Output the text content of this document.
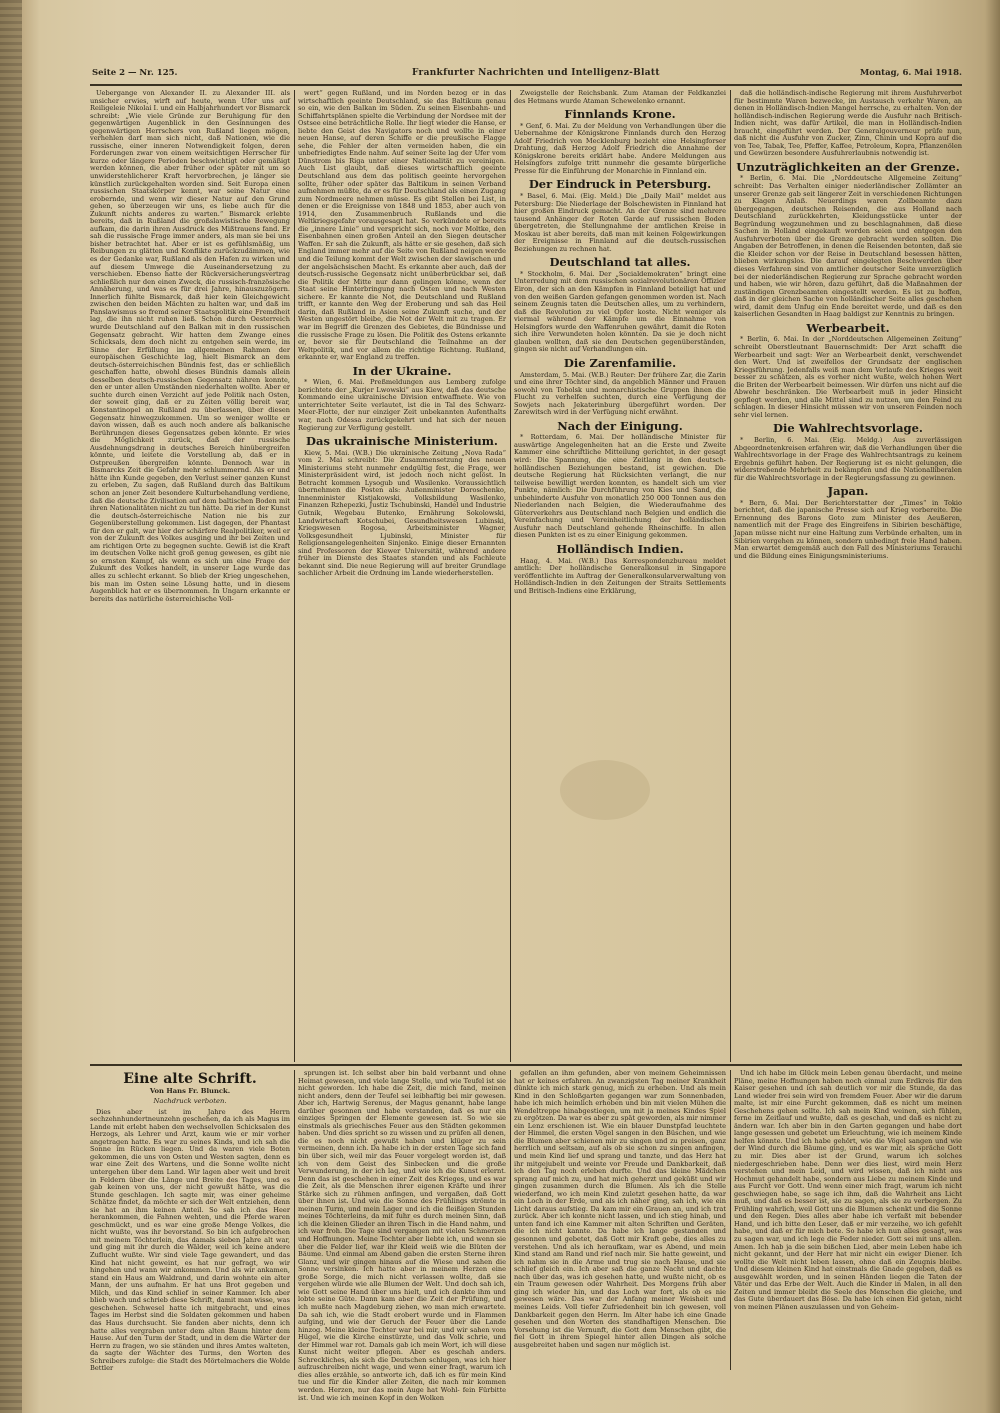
Seite 2 — Nr. 125.	Frankfurter Nachrichten und Intelligenz-Blatt	Montag, 6. Mai 1918.

Uebergange von Alexander II. zu Alexander III. als unsicher erwies, wirft auf heute, wenn Ufer uns auf Reiligeleie Nikolai I. und ein Halbjahrhundert vor Bismarck schreibt: „Wie viele Gründe zur Beruhigung für den gegenwärtigen Augenblick in den Gesinnungen des gegenwärtigen Herrschers von Rußland liegen mögen, verhehlen darf man sich nicht, daß Nationen, wie die russische, einer inneren Notwendigkeit folgen, deren Forderungen zwar von einem weitsichtigen Herrscher für kurze oder längere Perioden beschwichtigt oder gemäßigt werden können, die aber früher oder später mit um so unwiderstehlicherer Kraft hervorbrechen, je länger sie künstlich zurückgehalten worden sind. Seit Europa einen russischen Staatskörper kennt, war seine Natur eine erobernde, und wenn wir dieser Natur auf den Grund gehen, so überzeugen wir uns, es liebe auch für die Zukunft nichts anderes zu warten.“ Bismarck erlebte bereits, daß in Rußland die großslawistische Bewegung aufkam, die darin ihren Ausdruck des Mißtrauens fand. Er sah die russische Frage immer anders, als man sie bei uns bisher betrachtet hat. Aber er ist es gefühlsmäßig, um Reibungen zu glätten und Konflikte zurückzudämmen, wie es der Gedanke war, Rußland als den Hafen zu wirken und auf diesem Umwege die Auseinandersetzung zu verschieben. Ebenso hatte der Rückversicherungsvertrag schließlich nur den einen Zweck, die russisch-französische Annäherung, und was es für drei Jahre, hinauszuzögern. Innerlich fühlte Bismarck, daß hier kein Gleichgewicht zwischen den beiden Mächten zu halten war, und daß im Panslawismus so fremd seiner Staatspolitik eine Fremdheit lag, die ihn nicht ruhen ließ. Schon durch Oesterreich wurde Deutschland auf den Balkan mit in den russischen Gegensatz gebracht. Wir hatten dem Zwange eines Schicksals, dem doch nicht zu entgehen sein werde, im Sinne der Erfüllung im allgemeinen Rahmen der europäischen Geschichte lag, hielt Bismarck an dem deutsch-österreichischen Bündnis fest, das er schließlich geschaffen hatte, obwohl dieses Bündnis damals allein desselben deutsch-russischen Gegensatz nähren konnte, den er unter allen Umständen niederhalten wollte. Aber er suchte durch einen Verzicht auf jede Politik nach Osten, der soweit ging, daß er zu Zeiten völlig bereit war, Konstantinopel an Rußland zu überlassen, über diesen Gegensatz hinwegzukommen. Um so weniger wollte er davon wissen, daß es auch noch andere als balkanische Berührungen dieses Gegensatzes geben könnte. Er wies die Möglichkeit zurück, daß der russische Ausdehnungsdrang in deutsches Bereich hinübergreifen könnte, und leitete die Vorstellung ab, daß er in Ostpreußen übergreifen könnte. Dennoch war in Bismarcks Zeit die Gefahr mehr schlummernd. Als er und hätte ihn Kunde gegeben, den Verlust seiner ganzen Kunst zu erleben, Zu sagen, daß Rußland durch das Baltikum schon an jener Zeit besondere Kulturbehandlung verdiene, daß die deutsche Zivilisation auf dem baltischen Boden mit ihren Nationalitäten nicht zu tun hätte. Da rief in der Kunst die deutsch-österreichische Nation nie bis zur Gegenüberstellung gekommen. List dagegen, der Phantast für den er galt, war hier der schärfere Realpolitiker, weil er von der Zukunft des Volkes ausging und ihr bei Zeiten und am richtigen Orte zu begegnen suchte. Gewiß ist die Kraft im deutschen Volke nicht groß genug gewesen, es gibt nie so ernsten Kampf, als wenn es sich um eine Frage der Zukunft des Volkes handelt, in unserer Lage wurde das alles zu schlecht erkannt. So blieb der Krieg ungeschehen, bis man im Osten seine Lösung hatte, und in diesem Augenblick hat er es übernommen. In Ungarn erkannte er bereits das natürliche österreichische Voll-

wert“ gegen Rußland, und im Norden bezog er in das wirtschaftlich geeinte Deutschland, sie das Baltikum genau so ein, wie den Balkan im Süden. Zu seinen Eisenbahn- und Schiffahrtsplänen spielte die Verbindung der Nordsee mit der Ostsee eine beträchtliche Rolle. Ihr liegt wieder die Hanse, er liebte den Geist des Navigators noch und wollte in einer neuen Hanse, auf deren Schiffe er die preußische Flagge sehe, die Fehler der alten vermeiden haben, die ein unbefriedigtes Ende nahm. Auf seiner Seite lag der Ufer vom Dünstrom bis Riga unter einer Nationalität zu vereinigen. Auch List glaubt, daß dieses wirtschaftlich geeinte Deutschland aus dem das politisch geeinte hervorgehen sollte, früher oder später das Baltikum in seinen Verband aufnehmen müßte, da er es für Deutschland als einen Zugang zum Nordmeere nehmen müsse. Es gibt Stellen bei List, in denen er die Ereignisse von 1848 und 1853, aber auch von 1914, den Zusammenbruch Rußlands und die Weltkriegsgefahr vorausgesagt hat. So verkündete er bereits die „innere Linie“ und verspricht sich, noch vor Moltke, den Eisenbahnen einen großen Anteil an den Siegen deutscher Waffen. Er sah die Zukunft, als hätte er sie gesehen, daß sich England immer mehr auf die Seite von Rußland neigen werde und die Teilung kommt der Welt zwischen der slawischen und der angelsächsischen Macht. Es erkannte aber auch, daß der deutsch-russische Gegensatz nicht unüberbrückbar sei, daß die Politik der Mitte nur dann gelingen könne, wenn der Staat seine Hinterbringung nach Osten und nach Westen sichere. Er kannte die Not, die Deutschland und Rußland trifft, er kannte den Weg der Eroberung und sah das Heil darin, daß Rußland in Asien seine Zukunft suche, und der Westen ungestört bleibe, die Not der Welt mit zu tragen. Er war im Begriff die Grenzen des Gebietes, die Bündnisse und die russische Frage zu lösen. Die Politik des Ostens erkannte er, bevor sie für Deutschland die Teilnahme an der Weltpolitik, und vor allem die richtige Richtung. Rußland, erkannte er, war England zu treffen.

In der Ukraine.

* Wien, 6. Mai. Preßmeldungen aus Lemberg zufolge berichtete der „Kurjer Lwowski“ aus Kiew, daß das deutsche Kommando eine ukrainische Division entwaffnete. Wie von unterrichteter Seite verlautet, ist die in Tal des Schwarz-Meer-Flotte, der nur einziger Zeit unbekannten Aufenthalts war, nach Odessa zurückgekehrt und hat sich der neuen Regierung zur Verfügung gestellt.

Das ukrainische Ministerium.

Kiew, 5. Mai. (W.B.) Die ukrainische Zeitung „Nova Rada“ vom 2. Mai schreibt: Die Zusammensetzung des neuen Ministeriums steht nunmehr endgültig fest, die Frage, wer Ministerpräsident wird, ist jedoch noch nicht gelöst. In Betracht kommen Lysogub und Wasilenko. Voraussichtlich übernehmen die Posten als: Außenminister Doroschenko, Innenminister Kistjakowski, Volksbildung Wasilenko, Finanzen Rzhepezki, Justiz Tschubinski, Handel und Industrie Gutnik, Wegebau Butenko, Ernährung Sokolowski, Landwirtschaft Kotschubei, Gesundheitswesen Lubinski, Kriegswesen Rogosa, Arbeitsminister Wagner, Volksgesundheit Ljubinski, Minister für Religionsangelegenheiten Sinjenko. Einige dieser Ernannten sind Professoren der Kiewer Universität, während andere früher im Dienste des Staates standen und als Fachleute bekannt sind. Die neue Regierung will auf breiter Grundlage sachlicher Arbeit die Ordnung im Lande wiederherstellen.

Zweigstelle der Reichsbank. Zum Ataman der Feldkanzlei des Hetmans wurde Ataman Schewelenko ernannt.

Finnlands Krone.

* Genf, 6. Mai. Zu der Meldung von Verhandlungen über die Uebernahme der Königskrone Finnlands durch den Herzog Adolf Friedrich von Mecklenburg bezieht eine Helsingforser Drahtung, daß Herzog Adolf Friedrich die Annahme der Königskrone bereits erklärt habe. Andere Meldungen aus Helsingfors zufolge tritt nunmehr die gesamte bürgerliche Presse für die Einführung der Monarchie in Finnland ein.

Der Eindruck in Petersburg.

* Basel, 6. Mai. (Eig. Meld.) Die „Daily Mail“ meldet aus Petersburg: Die Niederlage der Bolschewisten in Finnland hat hier großen Eindruck gemacht. An der Grenze sind mehrere tausend Anhänger der Roten Garde auf russischen Boden übergetreten, die Stellungnahme der amtlichen Kreise in Moskau ist aber bereits, daß man mit keinen Folgewirkungen der Ereignisse in Finnland auf die deutsch-russischen Beziehungen zu rechnen hat.

Deutschland tat alles.

* Stockholm, 6. Mai. Der „Socialdemokraten“ bringt eine Unterredung mit dem russischen sozialrevolutionären Offizier Eiron, der sich an den Kämpfen in Finnland beteiligt hat und von den weißen Garden gefangen genommen worden ist. Nach seinem Zeugnis taten die Deutschen alles, um zu verhindern, daß die Revolution zu viel Opfer koste. Nicht weniger als viermal während der Kämpfe um die Einnahme von Helsingfors wurde den Waffenruhen gewährt, damit die Roten sich ihre Verwundeten holen könnten. Da sie je doch nicht glauben wollten, daß sie den Deutschen gegenüberständen, gingen sie nicht auf Verhandlungen ein.

Die Zarenfamilie.

Amsterdam, 5. Mai. (W.B.) Reuter: Der frühere Zar, die Zarin und eine ihrer Töchter sind, da angeblich Männer und Frauen sowohl von Tobolsk und monarchistische Gruppen ihnen die Flucht zu verhelfen suchten, durch eine Verfügung der Sowjets nach Jekaterinburg übergeführt worden. Der Zarewitsch wird in der Verfügung nicht erwähnt.

Nach der Einigung.

* Rotterdam, 6. Mai. Der holländische Minister für auswärtige Angelegenheiten hat an die Erste und Zweite Kammer eine schriftliche Mitteilung gerichtet, in der gesagt wird: Die Spannung, die eine Zeitlang in den deutsch-holländischen Beziehungen bestand, ist gewichen. Die deutsche Regierung hat Rücksichten verlangt, die nur teilweise bewilligt werden konnten, es handelt sich um vier Punkte, nämlich: Die Durchführung von Kies und Sand, die unbehinderte Ausfuhr von monatlich 250 000 Tonnen aus den Niederlanden nach Belgien, die Wiederaufnahme des Güterverkehrs aus Deutschland nach Belgien und endlich die Vereinfachung und Vereinheitlichung der holländischen Ausfuhr nach Deutschland gehende Rheinschiffe. In allen diesen Punkten ist es zu einer Einigung gekommen.

Holländisch Indien.

Haag, 4. Mai. (W.B.) Das Korrespondenzbureau meldet amtlich: Der holländische Generalkonsul in Singapore veröffentlichte im Auftrag der Generalkonsularverwaltung von Holländisch-Indien in den Zeitungen der Straits Settlements und Britisch-Indiens eine Erklärung,

daß die holländisch-indische Regierung mit ihrem Ausfuhrverbot für bestimmte Waren bezwecke, im Austausch verkehr Waren, an denen in Holländisch-Indien Mangel herrsche, zu erhalten. Von der holländisch-indischen Regierung werde die Ausfuhr nach Britisch-Indien nicht, was dafür Artikel, die man in Holländisch-Indien braucht, eingeführt werden. Der Generalgouverneur prüfe nun, daß nicht die Ausfuhr von Zucker, Zinn, Chinin und Kopra auf die von Tee, Tabak, Tee, Pfeffer, Kaffee, Petroleum, Kopra, Pflanzenölen und Gewürzen besondere Ausfuhrerlaubnis notwendig ist.

Unzuträglichkeiten an der Grenze.

* Berlin, 6. Mai. Die „Norddeutsche Allgemeine Zeitung“ schreibt: Das Verhalten einiger niederländischer Zollämter an unserer Grenze gab seit längerer Zeit in verschiedenen Richtungen zu Klagen Anlaß. Neuerdings waren Zollbeamte dazu übergegangen, deutschen Reisenden, die aus Holland nach Deutschland zurückkehrten, Kleidungsstücke unter der Begründung wegzunehmen und zu beschlagnahmen, daß diese Sachen in Holland eingekauft worden seien und entgegen den Ausfuhrverboten über die Grenze gebracht werden sollten. Die Angaben der Betroffenen, in denen die Reisenden betonten, daß sie die Kleider schon vor der Reise in Deutschland besessen hätten, blieben wirkungslos. Die darauf eingelegten Beschwerden über dieses Verfahren sind von amtlicher deutscher Seite unverzüglich bei der niederländischen Regierung zur Sprache gebracht worden und haben, wie wir hören, dazu geführt, daß die Maßnahmen der zuständigen Grenzbeamten eingestellt werden. Es ist zu hoffen, daß in der gleichen Sache von holländischer Seite alles geschehen wird, damit dem Unfug ein Ende bereitet werde, und daß es den kaiserlichen Gesandten in Haag baldigst zur Kenntnis zu bringen.

Werbearbeit.

* Berlin, 6. Mai. In der „Norddeutschen Allgemeinen Zeitung“ schreibt Oberstleutnant Bauernschmidt: Der Arzt schafft die Werbearbeit und sagt: Wer an Werbearbeit denkt, verschwendet den Wert. Und ist zweifellos der Grundsatz der englischen Kriegsführung. Jedenfalls weiß man dem Verlaufe des Krieges weit besser zu schätzen, als es vorher nicht wußte, welch hohen Wert die Briten der Werbearbeit beimessen. Wir dürfen uns nicht auf die Abwehr beschränken. Die Werbearbeit muß in jeder Hinsicht gepflegt werden, und alle Mittel sind zu nutzen, um den Feind zu schlagen. In dieser Hinsicht müssen wir von unseren Feinden noch sehr viel lernen.

Die Wahlrechtsvorlage.

* Berlin, 6. Mai. (Eig. Meldg.) Aus zuverlässigen Abgeordnetenkreisen erfahren wir, daß die Verhandlungen über die Wahlrechtsvorlage in der Frage des Wahlrechtsantrags zu keinem Ergebnis geführt haben. Der Regierung ist es nicht gelungen, die widerstrebende Mehrheit zu bekämpfen und die Nationalliberalen für die Wahlrechtsvorlage in der Regierungsfassung zu gewinnen.

Japan.

* Bern, 6. Mai. Der Berichterstatter der „Times“ in Tokio berichtet, daß die japanische Presse sich auf Krieg vorbereite. Die Ernennung des Barons Goto zum Minister des Aeußeren, namentlich mit der Frage des Eingreifens in Sibirien beschäftige, Japan müsse nicht nur eine Haltung zum Verbünde erhalten, um in Sibirien vorgehen zu können, sondern unbedingt freie Hand haben. Man erwartet demgemäß auch den Fall des Ministeriums Terauchi und die Bildung eines Einigungsministeriums.

Eine alte Schrift.
Von Hans Fr. Blunck.
Nachdruck verboten.

Dies aber ist im Jahre des Herrn sechzehnhundertneunzehn geschehen, da ich als Magus im Lande mit erlebt haben den wechselvollen Schicksalen des Herzogs, als Lehrer und Arzt, kaum wie er mir vorher angetragen hatte. Es war zu seines Kinds, und ich sah die Sonne im Rücken liegen. Und da waren viele Boten gekommen, die uns von Osten und Westen sagten, denn es war eine Zeit des Wartens, und die Sonne wollte nicht untergehen über dem Land. Wir lagen aber weit und breit in Feldern über die Länge und Breite des Tages, und es gab keinen von uns, der nicht gewußt hätte, was die Stunde geschlagen. Ich sagte mir, was einer geheime Schätze findet, da möchte er sich der Welt entziehen, denn sie hat an ihm keinen Anteil. So sah ich das Heer herankommen, die Fahnen wehten, und die Pferde waren geschmückt, und es war eine große Menge Volkes, die nicht wußte, was ihr bevorstand. So bin ich aufgebrochen mit meinem Töchterlein, das damals sieben Jahre alt war, und ging mit ihr durch die Wälder, weil ich keine andere Zuflucht wußte. Wir sind viele Tage gewandert, und das Kind hat nicht geweint, es hat nur gefragt, wo wir hingehen und wann wir ankommen. Und als wir ankamen, stand ein Haus am Waldrand, und darin wohnte ein alter Mann, der uns aufnahm. Er hat uns Brot gegeben und Milch, und das Kind schlief in seiner Kammer. Ich aber blieb wach und schrieb diese Schrift, damit man wisse, was geschehen. Schwesel hatte ich mitgebracht, und eines Tages im Herbst sind die Soldaten gekommen und haben das Haus durchsucht. Sie fanden aber nichts, denn ich hatte alles vergraben unter dem alten Baum hinter dem Hause. Auf den Turm der Stadt, und in dem die Wärter der Herrn zu fragen, wo sie ständen und ihres Amtes walteten, da sagte der Wächter des Turms, den Worten des Schreibers zufolge: die Stadt des Mörtelmachers die Wolde Bettler

sprungen ist. Ich selbst aber bin bald verbannt und ohne Heimat gewesen, und viele lange Stelle, und wie Teufel ist sie nicht geworden. Ich habe die Zeit, die mich fand, meinen nicht anders, denn der Teufel sei leibhaftig bei mir gewesen. Aber ich, Hartwig Serenus, der Magus genannt, habe lange darüber gesonnen und habe verstanden, daß es nur ein einziges Springen der Elemente gewesen ist. So wie sie einstmals als griechisches Feuer aus den Städten gekommen haben. Und dies spricht so zu wissen und zu prüfen all denen, die es noch nicht gewußt haben und klüger zu sein vermeinen, denn ich. Da habe ich in der ersten Tage sich fand bin über sich, weil mir das Feuer vorgelegt worden ist, daß ich von dem Geist des Sinbecken und die große Verwunderung, in der ich lag, und wie ich die Kunst erlernt. Denn das ist geschehen in einer Zeit des Krieges, und es war die Zeit, als die Menschen ihrer eigenen Kräfte und ihrer Stärke sich zu rühmen anfingen, und vergaßen, daß Gott über ihnen ist. Und wie die Sonne des Frühlings strömte in meinen Turm, und mein Lager und ich die fleißigen Stunden meines Töchterleins, da mit fuhr es durch meinen Sinn, daß ich die kleinen Glieder an ihren Tisch in die Hand nahm, und ich war froh. Die Tage sind vergangen mit vielen Schmerzen und Hoffnungen. Meine Tochter aber liebte ich, und wenn sie über die Felder lief, war ihr Kleid weiß wie die Blüten der Bäume. Und einmal am Abend gaben die ersten Sterne ihren Glanz, und wir gingen hinaus auf die Wiese und sahen die Sonne versinken. Ich hatte aber in meinem Herzen eine große Sorge, die mich nicht verlassen wollte, daß sie vergehen würde wie alle Blumen der Welt. Und doch sah ich, wie Gott seine Hand über uns hielt, und ich dankte ihm und lobte seine Güte. Dann kam aber die Zeit der Prüfung, und ich mußte nach Magdeburg ziehen, wo man mich erwartete. Da sah ich, wie die Stadt erobert wurde und in Flammen aufging, und wie der Geruch der Feuer über die Lande hinzog. Meine kleine Tochter war bei mir, und wir sahen vom Hügel, wie die Kirche einstürzte, und das Volk schrie, und der Himmel war rot. Damals gab ich mein Wort, ich will diese Kunst nicht weiter pflegen. Aber es geschah anders. Schreckliches, als sich die Deutschen schlugen, was ich hier aufzuschreiben nicht wage, und wenn einer fragt, warum ich dies alles erzähle, so antworte ich, daß ich es für mein Kind tue und für die Kinder aller Zeiten, die nach mir kommen werden. Herzen, nur das mein Auge hat Wohl- fein Fürbitte ist. Und wie ich meinen Kopf in den Wolken

gefallen an ihm gefunden, aber von meinem Geheimnissen hat er keines erfahren. An zwanzigsten Tag meiner Krankheit dünkte ich mich stark genug, mich zu erheben. Und als mein Kind in den Schloßgarten gegangen war zum Sonnenbaden, habe ich mich heimlich erhoben und bin mit vielen Mühen die Wendeltreppe hinabgestiegen, um mit ja meines Kindes Spiel zu ergötzen. Da war es aber zu spät geworden, als mir nimmer ein Lenz erschienen ist. Wie ein blauer Dunstpfad leuchtete der Himmel, die ersten Vögel sangen in den Büschen, und wie die Blumen aber schienen mir zu singen und zu preisen, ganz herrlich und seltsam, auf als ob sie schon zu singen anfingen, und mein Kind lief und sprang und tanzte, und das Herz hat ihr mitgejubelt und weinte vor Freude und Dankbarkeit, daß ich den Tag noch erleben durfte. Und das kleine Mädchen sprang auf mich zu, und hat mich geherzt und geküßt und wir gingen zusammen durch die Blumen. Als ich die Stelle wiederfand, wo ich mein Kind zuletzt gesehen hatte, da war ein Loch in der Erde, und als ich näher ging, sah ich, wie ein Licht daraus aufstieg. Da kam mir ein Grauen an, und ich trat zurück. Aber ich konnte nicht lassen, und ich stieg hinab, und unten fand ich eine Kammer mit alten Schriften und Geräten, die ich nicht kannte. Da habe ich lange gestanden und gesonnen und gebetet, daß Gott mir Kraft gebe, dies alles zu verstehen. Und als ich heraufkam, war es Abend, und mein Kind stand am Rand und rief nach mir. Sie hatte geweint, und ich nahm sie in die Arme und trug sie nach Hause, und sie schlief gleich ein. Ich aber saß die ganze Nacht und dachte nach über das, was ich gesehen hatte, und wußte nicht, ob es ein Traum gewesen oder Wahrheit. Des Morgens früh aber ging ich wieder hin, und das Loch war fort, als ob es nie gewesen wäre. Das war der Anfang meiner Weisheit und meines Leids. Voll tiefer Zufriedenheit bin ich gewesen, voll Dankbarkeit gegen den Herrn. Im Alter habe ich eine Gnade gesehen und den Worten des standhaftigen Menschen. Die Vorsehung ist die Vernunft, die Gott dem Menschen gibt, die fiel Gott in ihrem Spiegel hinter allen Dingen als solche ausgebreitet haben und sagen nur möglich ist.

Und ich habe im Glück mein Leben genau überdacht, und meine Pläne, meine Hoffnungen haben noch einmal zum Erdkreis für den Kaiser gesehen und ich sah deutlich vor mir die Stunde, da das Land wieder frei sein wird von fremdem Feuer. Aber wir die darum malte, ist mir eine Furcht gekommen, daß es nicht um meinen Geschehens gehen sollte. Ich sah mein Kind weinen, sich fühlen, ferne im Zeitlauf und wußte, daß es geschah, und daß es nicht zu ändern war. Ich aber bin in den Garten gegangen und habe dort lange gesessen und gebetet um Erleuchtung, wie ich meinem Kinde helfen könnte. Und ich habe gehört, wie die Vögel sangen und wie der Wind durch die Bäume ging, und es war mir, als spräche Gott zu mir. Dies aber ist der Grund, warum ich solches niedergeschrieben habe. Denn wer dies liest, wird mein Herz verstehen und mein Leid, und wird wissen, daß ich nicht aus Hochmut gehandelt habe, sondern aus Liebe zu meinem Kinde und aus Furcht vor Gott. Und wenn einer mich fragt, warum ich nicht geschwiegen habe, so sage ich ihm, daß die Wahrheit ans Licht muß, und daß es besser ist, sie zu sagen, als sie zu verbergen. Zu Frühling wahrlich, weil Gott uns die Blumen schenkt und die Sonne und den Regen. Dies alles aber habe ich verfaßt mit bebender Hand, und ich bitte den Leser, daß er mir verzeihe, wo ich gefehlt habe, und daß er für mich bete. So habe ich nun alles gesagt, was zu sagen war, und ich lege die Feder nieder. Gott sei mit uns allen. Amen. Ich hab ja die sein bißchen Lied, aber mein Leben habe ich nicht gekannt, und der Herr hat mir nicht ein ewiger Diener. Ich wollte die Welt nicht leben lassen, ohne daß ein Zeugnis bleibe. Und diesem kleinen Kind hat einstmals die Gnade gegeben, daß es ausgewählt worden, und in seinen Händen liegen die Taten der Väter und das Erbe der Welt. Auch die Kinder in Malen, in all den Zeiten und immer bleibt die Seele des Menschen die gleiche, und das Gute überdauert das Böse. Da habe ich einen Eid getan, nicht von meinen Plänen auszulassen und von Geheim-
